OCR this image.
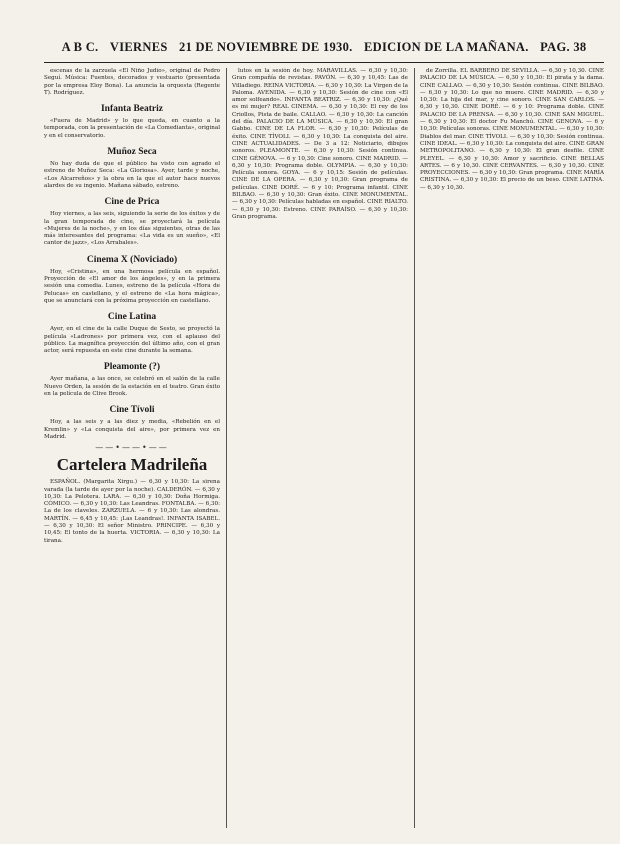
A B C. VIERNES 21 DE NOVIEMBRE DE 1930. EDICION DE LA MAÑANA. PAG. 38

escenas de la zarzuela «El Niño Judío», original de Pedro Seguí. Música: Fuentes, decorados y vestuario (presentada por la empresa Eloy Bona). La anuncia la orquesta (Regente T). Rodríguez.

Infanta Beatriz

«Fuera de Madrid» y lo que queda, en cuanto a la temporada, con la presentación de «La Comedianta», original y en el conservatorio.

Muñoz Seca

No hay duda de que el público ha visto con agrado el estreno de Muñoz Seca: «La Gloriosa». Ayer, tarde y noche, «Los Alcarreños» y la obra en la que el autor hace nuevos alardes de su ingenio. Mañana sábado, estreno.

Cine de Prica

Hoy viernes, a las seis, siguiendo la serie de los éxitos y de la gran temporada de cine, se proyectará la película «Mujeres de la noche», y en los días siguientes, otras de las más interesantes del programa: «La vida es un sueño», «El cantor de jazz», «Los Arrabales».

Cinema X (Noviciado)

Hoy, «Cristina», en una hermosa película en español. Proyección de «El amor de los ángeles», y en la primera sesión una comedia. Lunes, estreno de la película «Hora de Pelucas» en castellano, y el estreno de «La hora mágica», que se anunciará con la próxima proyección en castellano.

Cine Latina

Ayer, en el cine de la calle Duque de Sesto, se proyectó la película «Ladrones» por primera vez, con el aplauso del público. La magnífica proyección del último año, con el gran actor, será repuesta en este cine durante la semana.

Pleamonte (?)

Ayer mañana, a las once, se celebró en el salón de la calle Nuevo Orden, la sesión de la estación en el teatro. Gran éxito en la película de Clive Brook.

Cine Tívoli

Hoy, a las seis y a las diez y media, «Rebelión en el Kremlin» y «La conquista del aire», por primera vez en Madrid.

——•——•——
Cartelera Madrileña

ESPAÑOL. (Margarita Xirgu.) — 6,30 y 10,30: La sirena varada (la tarde de ayer por la noche). CALDERÓN. — 6,30 y 10,30: La Pelotera. LARA. — 6,30 y 10,30: Doña Hormiga. CÓMICO. — 6,30 y 10,30: Las Leandras. FONTALBA. — 6,30: La de los claveles. ZARZUELA. — 6 y 10,30: Las alondras. MARTÍN. — 6,45 y 10,45: ¡Las Leandras!. INFANTA ISABEL. — 6,30 y 10,30: El señor Ministro. PRINCIPE. — 6,30 y 10,45: El tonto de la huerta. VICTORIA. — 6,30 y 10,30: La tirana.

lutos en la sesión de hoy. MARAVILLAS. — 6,30 y 10,30: Gran compañía de revistas. PAVÓN. — 6,30 y 10,45: Las de Villadiego. REINA VICTORIA. — 6,30 y 10,30: La Virgen de la Paloma. AVENIDA. — 6,30 y 10,30: Sesión de cine con «El amor solfeando». INFANTA BEATRIZ. — 6,30 y 10,30: ¿Qué es mi mujer? REAL CINEMA. — 6,30 y 10,30: El rey de los Criollos, Pista de baile. CALLAO. — 6,30 y 10,30: La canción del día. PALACIO DE LA MÚSICA. — 6,30 y 10,30: El gran Gabbo. CINE DE LA FLOR. — 6,30 y 10,30: Películas de éxito. CINE TÍVOLI. — 6,30 y 10,30: La conquista del aire. CINE ACTUALIDADES. — De 3 a 12: Noticiario, dibujos sonoros. PLEAMONTE. — 6,30 y 10,30: Sesión continua. CINE GÉNOVA. — 6 y 10,30: Cine sonoro. CINE MADRID. — 6,30 y 10,30: Programa doble. OLYMPIA. — 6,30 y 10,30: Película sonora. GOYA. — 6 y 10,15: Sesión de películas. CINE DE LA OPERA. — 6,30 y 10,30: Gran programa de películas. CINE DORÉ. — 6 y 10: Programa infantil. CINE BILBAO. — 6,30 y 10,30: Gran éxito. CINE MONUMENTAL. — 6,30 y 10,30: Películas habladas en español. CINE RIALTO. — 6,30 y 10,30: Estreno. CINE PARAÍSO. — 6,30 y 10,30: Gran programa.

de Zorrilla. EL BARBERO DE SEVILLA. — 6,30 y 10,30. CINE PALACIO DE LA MÚSICA. — 6,30 y 10,30: El pirata y la dama. CINE CALLAO. — 6,30 y 10,30: Sesión continua. CINE BILBAO. — 6,30 y 10,30: Lo que no muere. CINE MADRID. — 6,30 y 10,30: La hija del mar, y cine sonoro. CINE SAN CARLOS. — 6,30 y 10,30. CINE DORÉ. — 6 y 10: Programa doble. CINE PALACIO DE LA PRENSA. — 6,30 y 10,30. CINE SAN MIGUEL. — 6,30 y 10,30: El doctor Fu Manchú. CINE GENOVA. — 6 y 10,30: Películas sonoras. CINE MONUMENTAL. — 6,30 y 10,30: Diablos del mar. CINE TÍVOLI. — 6,30 y 10,30: Sesión continua. CINE IDEAL. — 6,30 y 10,30: La conquista del aire. CINE GRAN METROPOLITANO. — 6,30 y 10,30: El gran desfile. CINE PLEYEL. — 6,30 y 10,30: Amor y sacrificio. CINE BELLAS ARTES. — 6 y 10,30. CINE CERVANTES. — 6,30 y 10,30. CINE PROYECCIONES. — 6,30 y 10,30: Gran programa. CINE MARÍA CRISTINA. — 6,30 y 10,30: El precio de un beso. CINE LATINA. — 6,30 y 10,30.
